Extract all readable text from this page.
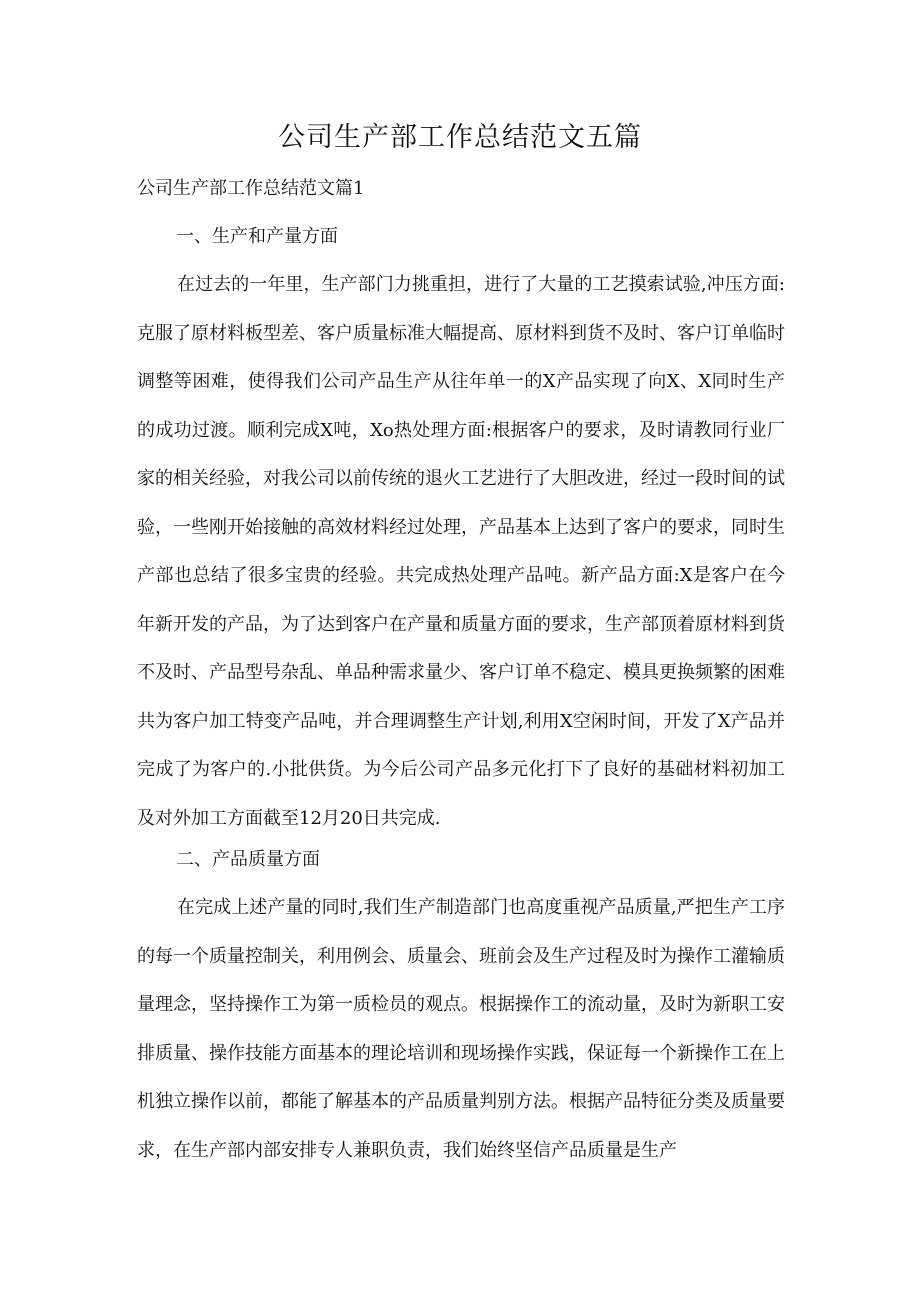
公司生产部工作总结范文五篇

公司生产部工作总结范文篇1

一、生产和产量方面

在过去的一年里，生产部门力挑重担，进行了大量的工艺摸索试验,冲压方面:克服了原材料板型差、客户质量标准大幅提高、原材料到货不及时、客户订单临时调整等困难，使得我们公司产品生产从往年单一的X产品实现了向X、X同时生产的成功过渡。顺利完成X吨，Xo热处理方面:根据客户的要求，及时请教同行业厂家的相关经验，对我公司以前传统的退火工艺进行了大胆改进，经过一段时间的试验，一些刚开始接触的高效材料经过处理，产品基本上达到了客户的要求，同时生产部也总结了很多宝贵的经验。共完成热处理产品吨。新产品方面:X是客户在今年新开发的产品，为了达到客户在产量和质量方面的要求，生产部顶着原材料到货不及时、产品型号杂乱、单品种需求量少、客户订单不稳定、模具更换频繁的困难共为客户加工特变产品吨，并合理调整生产计划,利用X空闲时间，开发了X产品并完成了为客户的.小批供货。为今后公司产品多元化打下了良好的基础材料初加工及对外加工方面截至12月20日共完成.

二、产品质量方面

在完成上述产量的同时,我们生产制造部门也高度重视产品质量,严把生产工序的每一个质量控制关，利用例会、质量会、班前会及生产过程及时为操作工灌输质量理念，坚持操作工为第一质检员的观点。根据操作工的流动量，及时为新职工安排质量、操作技能方面基本的理论培训和现场操作实践，保证每一个新操作工在上机独立操作以前，都能了解基本的产品质量判别方法。根据产品特征分类及质量要求，在生产部内部安排专人兼职负责，我们始终坚信产品质量是生产
